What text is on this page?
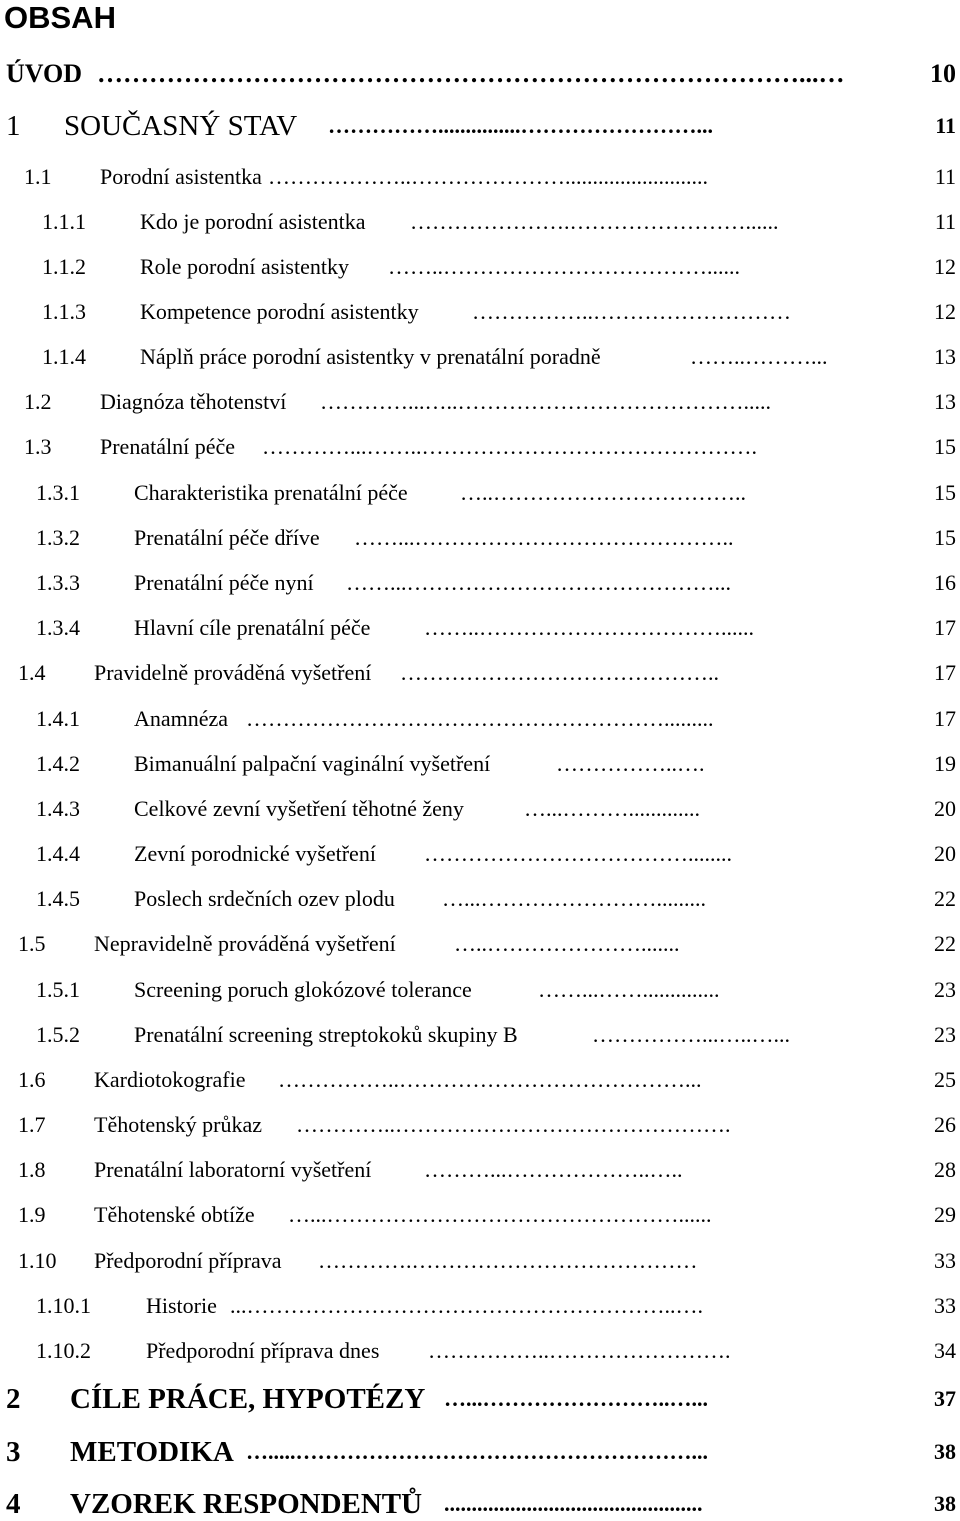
OBSAH
ÚVOD ………………………………………………………………………...…	10
1 SOUČASNÝ STAV ……………...............……………………...	11
1.1 Porodní asistentka ………………..…………………..........................	11
1.1.1 Kdo je porodní asistentka ………………….……………………......	11
1.1.2 Role porodní asistentky ……..………………………………......	12
1.1.3 Kompetence porodní asistentky ……………..………………………	12
1.1.4 Náplň práce porodní asistentky v prenatální poradně	……..………...	13
1.2 Diagnóza těhotenství …………...…..………………………………….....	13
1.3 Prenatální péče …………...……..……………………………………….	15
1.3.1 Charakteristika prenatální péče …..……………………………..	15
1.3.2 Prenatální péče dříve ……...……………………………………..	15
1.3.3 Prenatální péče nyní ……...……………………………………...	16
1.3.4 Hlavní cíle prenatální péče ……..……………………………......	17
1.4 Pravidelně prováděná vyšetření ……………………………………..	17
1.4.1 Anamnéza ………………………………………………….........	17
1.4.2 Bimanuální palpační vaginální vyšetření	……………..….	19
1.4.3 Celkové zevní vyšetření těhotné ženy	…...……….............	20
1.4.4 Zevní porodnické vyšetření ………………………………........	20
1.4.5 Poslech srdečních ozev plodu …...…………………….........	22
1.5 Nepravidelně prováděná vyšetření	…..………………….......	22
1.5.1 Screening poruch glokózové tolerance	……...……..............	23
1.5.2 Prenatální screening streptokoků skupiny B	……………...…..…...	23
1.6 Kardiotokografie ……………..…………………………………...	25
1.7 Těhotenský průkaz …………..……………………………………….	26
1.8 Prenatální laboratorní vyšetření ………...………………..…..	28
1.9 Těhotenské obtíže …...…………………………………………......	29
1.10 Předporodní příprava ………….…………………………………	33
1.10.1	Historie ...…………………………………………………..….	33
1.10.2	Předporodní příprava dnes ……………..…………………….	34
2 CÍLE PRÁCE, HYPOTÉZY …...……………………..…...	37
3 METODIKA ….....………………………………………………...	38
4 VZOREK RESPONDENTŮ ...............................................	38
